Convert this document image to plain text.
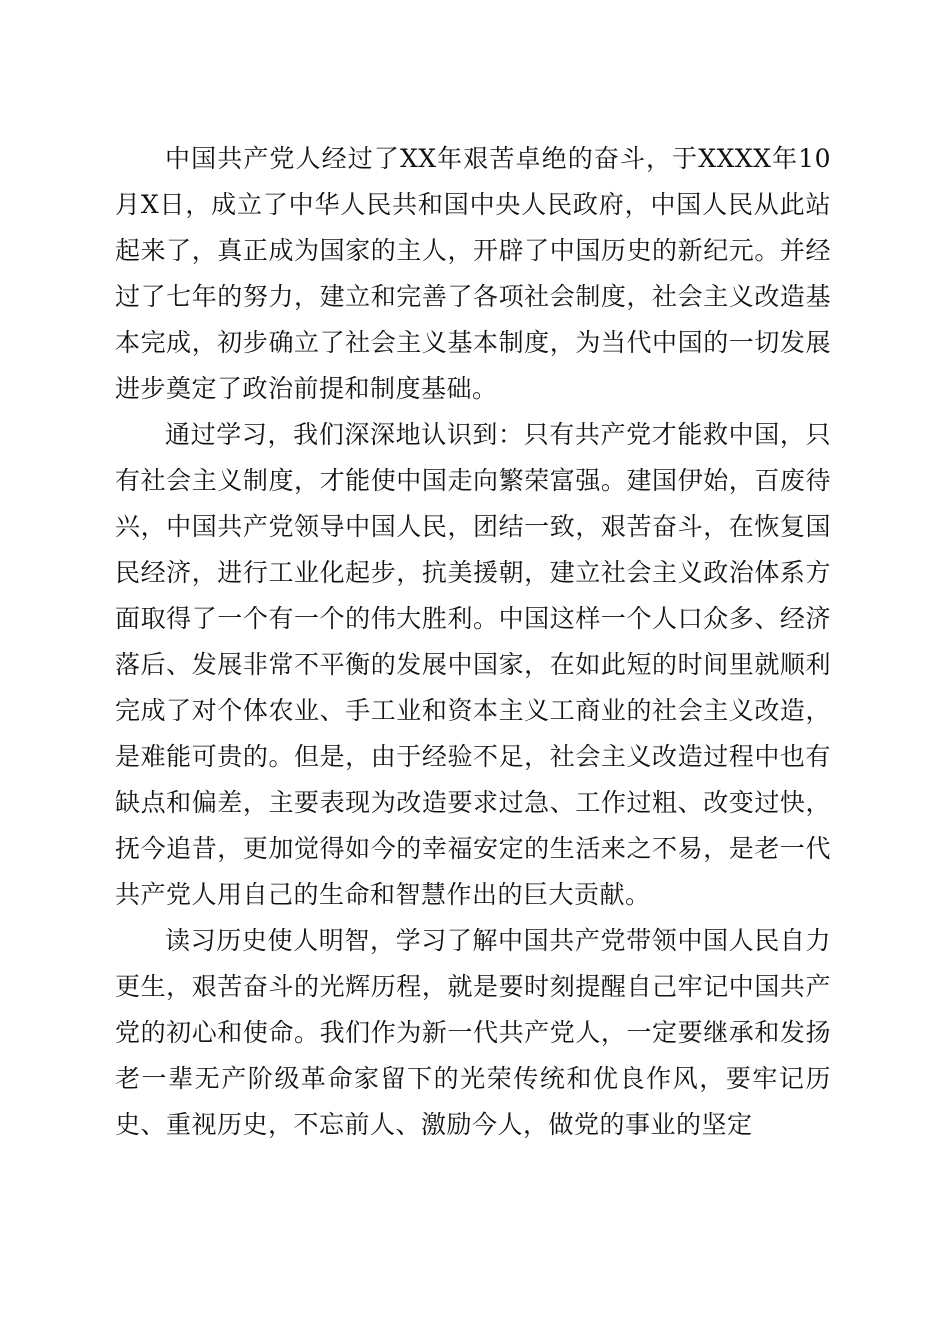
中国共产党人经过了XX年艰苦卓绝的奋斗，于XXXX年10月X日，成立了中华人民共和国中央人民政府，中国人民从此站起来了，真正成为国家的主人，开辟了中国历史的新纪元。并经过了七年的努力，建立和完善了各项社会制度，社会主义改造基本完成，初步确立了社会主义基本制度，为当代中国的一切发展进步奠定了政治前提和制度基础。

通过学习，我们深深地认识到：只有共产党才能救中国，只有社会主义制度，才能使中国走向繁荣富强。建国伊始，百废待兴，中国共产党领导中国人民，团结一致，艰苦奋斗，在恢复国民经济，进行工业化起步，抗美援朝，建立社会主义政治体系方面取得了一个有一个的伟大胜利。中国这样一个人口众多、经济落后、发展非常不平衡的发展中国家，在如此短的时间里就顺利完成了对个体农业、手工业和资本主义工商业的社会主义改造，是难能可贵的。但是，由于经验不足，社会主义改造过程中也有缺点和偏差，主要表现为改造要求过急、工作过粗、改变过快，抚今追昔，更加觉得如今的幸福安定的生活来之不易，是老一代共产党人用自己的生命和智慧作出的巨大贡献。

读习历史使人明智，学习了解中国共产党带领中国人民自力更生，艰苦奋斗的光辉历程，就是要时刻提醒自己牢记中国共产党的初心和使命。我们作为新一代共产党人，一定要继承和发扬老一辈无产阶级革命家留下的光荣传统和优良作风，要牢记历史、重视历史，不忘前人、激励今人，做党的事业的坚定
